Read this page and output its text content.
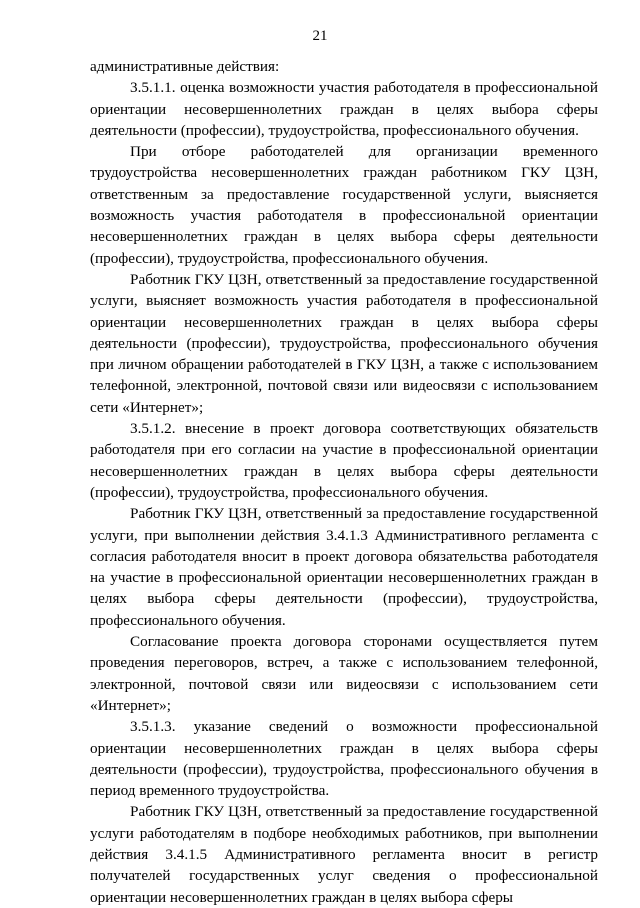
21

административные действия:

3.5.1.1. оценка возможности участия работодателя в профессиональной ориентации несовершеннолетних граждан в целях выбора сферы деятельности (профессии), трудоустройства, профессионального обучения.

При отборе работодателей для организации временного трудоустройства несовершеннолетних граждан работником ГКУ ЦЗН, ответственным за предоставление государственной услуги, выясняется возможность участия работодателя в профессиональной ориентации несовершеннолетних граждан в целях выбора сферы деятельности (профессии), трудоустройства, профессионального обучения.

Работник ГКУ ЦЗН, ответственный за предоставление государственной услуги, выясняет возможность участия работодателя в профессиональной ориентации несовершеннолетних граждан в целях выбора сферы деятельности (профессии), трудоустройства, профессионального обучения при личном обращении работодателей в ГКУ ЦЗН, а также с использованием телефонной, электронной, почтовой связи или видеосвязи с использованием сети «Интернет»;

3.5.1.2. внесение в проект договора соответствующих обязательств работодателя при его согласии на участие в профессиональной ориентации несовершеннолетних граждан в целях выбора сферы деятельности (профессии), трудоустройства, профессионального обучения.

Работник ГКУ ЦЗН, ответственный за предоставление государственной услуги, при выполнении действия 3.4.1.3 Административного регламента с согласия работодателя вносит в проект договора обязательства работодателя на участие в профессиональной ориентации несовершеннолетних граждан в целях выбора сферы деятельности (профессии), трудоустройства, профессионального обучения.

Согласование проекта договора сторонами осуществляется путем проведения переговоров, встреч, а также с использованием телефонной, электронной, почтовой связи или видеосвязи с использованием сети «Интернет»;

3.5.1.3. указание сведений о возможности профессиональной ориентации несовершеннолетних граждан в целях выбора сферы деятельности (профессии), трудоустройства, профессионального обучения в период временного трудоустройства.

Работник ГКУ ЦЗН, ответственный за предоставление государственной услуги работодателям в подборе необходимых работников, при выполнении действия 3.4.1.5 Административного регламента вносит в регистр получателей государственных услуг сведения о профессиональной ориентации несовершеннолетних граждан в целях выбора сферы
